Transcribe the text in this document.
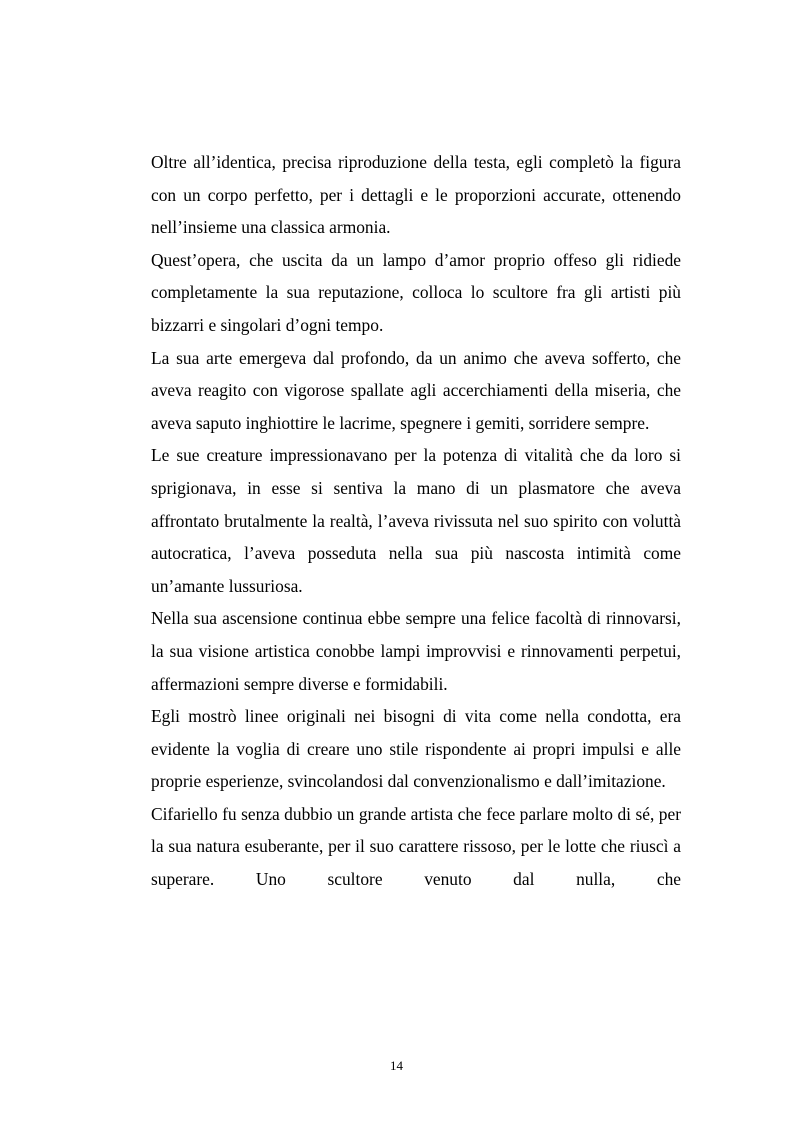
Oltre all’identica, precisa riproduzione della testa, egli completò la figura con un corpo perfetto, per i dettagli e le proporzioni accurate, ottenendo nell’insieme una classica armonia.

Quest’opera, che uscita da un lampo d’amor proprio offeso gli ridiede completamente la sua reputazione, colloca lo scultore fra gli artisti più bizzarri e singolari d’ogni tempo.

La sua arte emergeva dal profondo, da un animo che aveva sofferto, che aveva reagito con vigorose spallate agli accerchiamenti della miseria, che aveva saputo inghiottire le lacrime, spegnere i gemiti, sorridere sempre.

Le sue creature impressionavano per la potenza di vitalità che da loro si sprigionava, in esse si sentiva la mano di un plasmatore che aveva affrontato brutalmente la realtà, l’aveva rivissuta nel suo spirito con voluttà autocratica, l’aveva posseduta nella sua più nascosta intimità come un’amante lussuriosa.

Nella sua ascensione continua ebbe sempre una felice facoltà di rinnovarsi, la sua visione artistica conobbe lampi improvvisi e rinnovamenti perpetui, affermazioni sempre diverse e formidabili.

Egli mostrò linee originali nei bisogni di vita come nella condotta, era evidente la voglia di creare uno stile rispondente ai propri impulsi e alle proprie esperienze, svincolandosi dal convenzionalismo e dall’imitazione.

Cifariello fu senza dubbio un grande artista che fece parlare molto di sé, per la sua natura esuberante, per il suo carattere rissoso, per le lotte che riuscì a superare. Uno scultore venuto dal nulla, che

14
